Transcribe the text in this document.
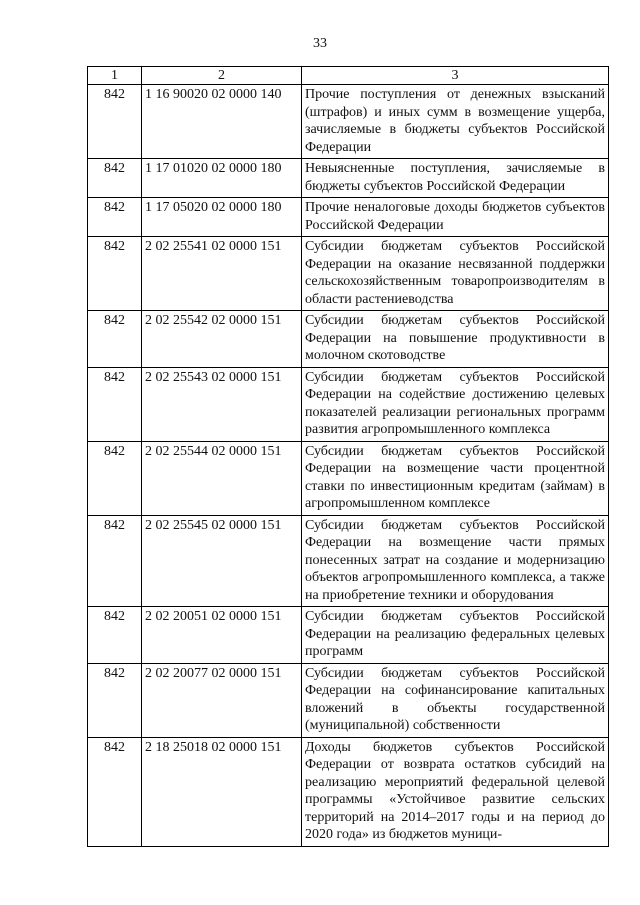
33
1	2	3
842	1 16 90020 02 0000 140	Прочие поступления от денежных взысканий (штрафов) и иных сумм в возмещение ущерба, зачисляемые в бюджеты субъектов Российской Федерации
842	1 17 01020 02 0000 180	Невыясненные поступления, зачисляемые в бюджеты субъектов Российской Федерации
842	1 17 05020 02 0000 180	Прочие неналоговые доходы бюджетов субъектов Российской Федерации
842	2 02 25541 02 0000 151	Субсидии бюджетам субъектов Российской Федерации на оказание несвязанной поддержки сельскохозяйственным товаропроизводителям в области растениеводства
842	2 02 25542 02 0000 151	Субсидии бюджетам субъектов Российской Федерации на повышение продуктивности в молочном скотоводстве
842	2 02 25543 02 0000 151	Субсидии бюджетам субъектов Российской Федерации на содействие достижению целевых показателей реализации региональных программ развития агропромышленного комплекса
842	2 02 25544 02 0000 151	Субсидии бюджетам субъектов Российской Федерации на возмещение части процентной ставки по инвестиционным кредитам (займам) в агропромышленном комплексе
842	2 02 25545 02 0000 151	Субсидии бюджетам субъектов Российской Федерации на возмещение части прямых понесенных затрат на создание и модернизацию объектов агропромышленного комплекса, а также на приобретение техники и оборудования
842	2 02 20051 02 0000 151	Субсидии бюджетам субъектов Российской Федерации на реализацию федеральных целевых программ
842	2 02 20077 02 0000 151	Субсидии бюджетам субъектов Российской Федерации на софинансирование капитальных вложений в объекты государственной (муниципальной) собственности
842	2 18 25018 02 0000 151	Доходы бюджетов субъектов Российской Федерации от возврата остатков субсидий на реализацию мероприятий федеральной целевой программы «Устойчивое развитие сельских территорий на 2014–2017 годы и на период до 2020 года» из бюджетов муници-
